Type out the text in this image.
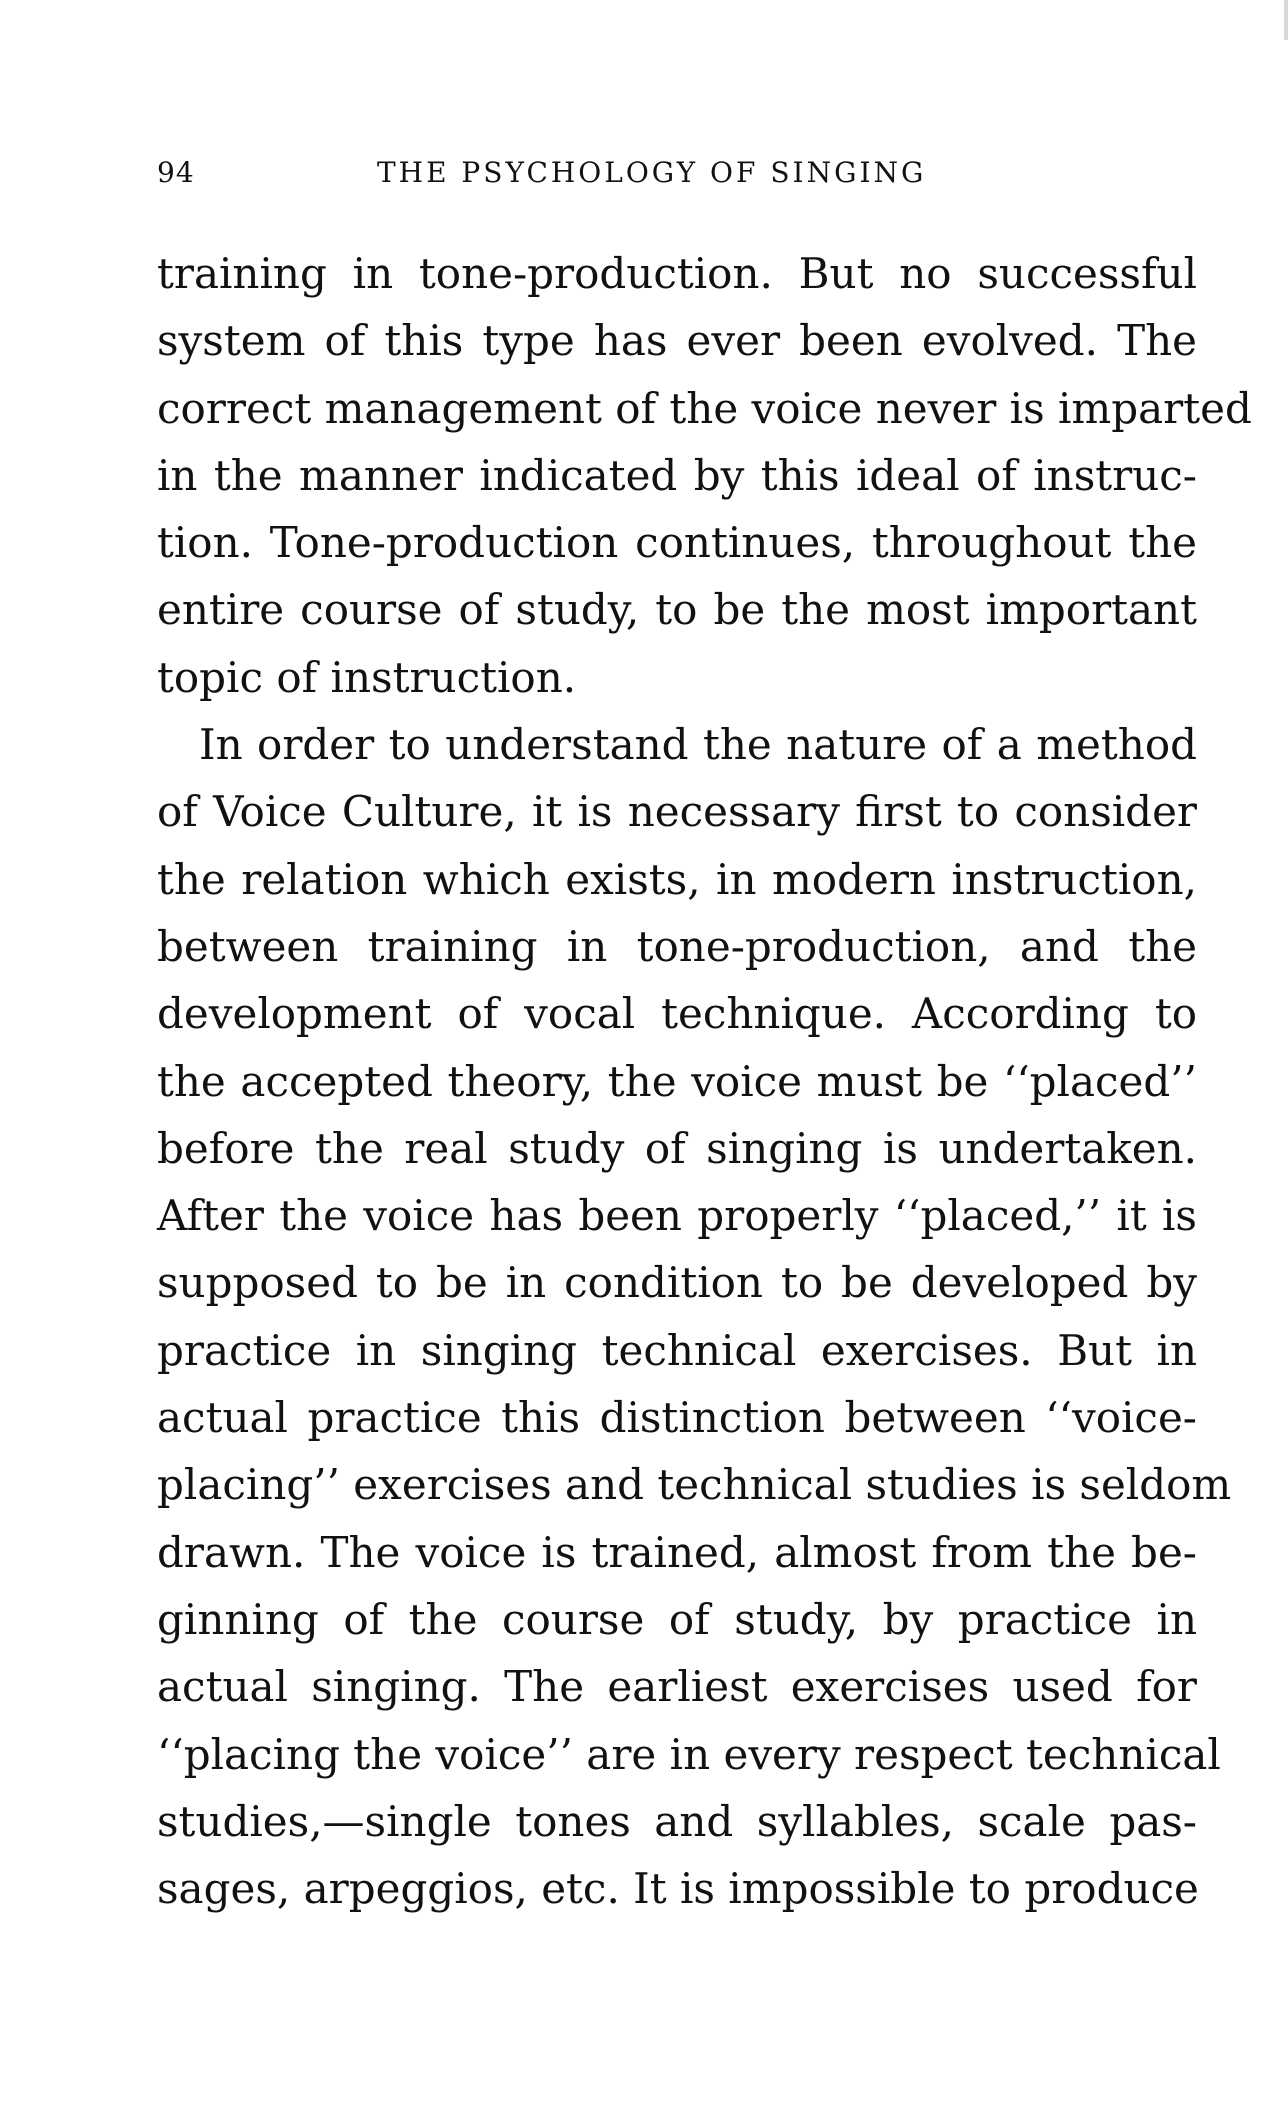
94	THE PSYCHOLOGY OF SINGING
training in tone-production. But no successful
system of this type has ever been evolved. The
correct management of the voice never is imparted
in the manner indicated by this ideal of instruc-
tion. Tone-production continues, throughout the
entire course of study, to be the most important
topic of instruction.
In order to understand the nature of a method
of Voice Culture, it is necessary first to consider
the relation which exists, in modern instruction,
between training in tone-production, and the
development of vocal technique. According to
the accepted theory, the voice must be ‘‘placed’’
before the real study of singing is undertaken.
After the voice has been properly ‘‘placed,’’ it is
supposed to be in condition to be developed by
practice in singing technical exercises. But in
actual practice this distinction between ‘‘voice-
placing’’ exercises and technical studies is seldom
drawn. The voice is trained, almost from the be-
ginning of the course of study, by practice in
actual singing. The earliest exercises used for
‘‘placing the voice’’ are in every respect technical
studies,—single tones and syllables, scale pas-
sages, arpeggios, etc. It is impossible to produce
